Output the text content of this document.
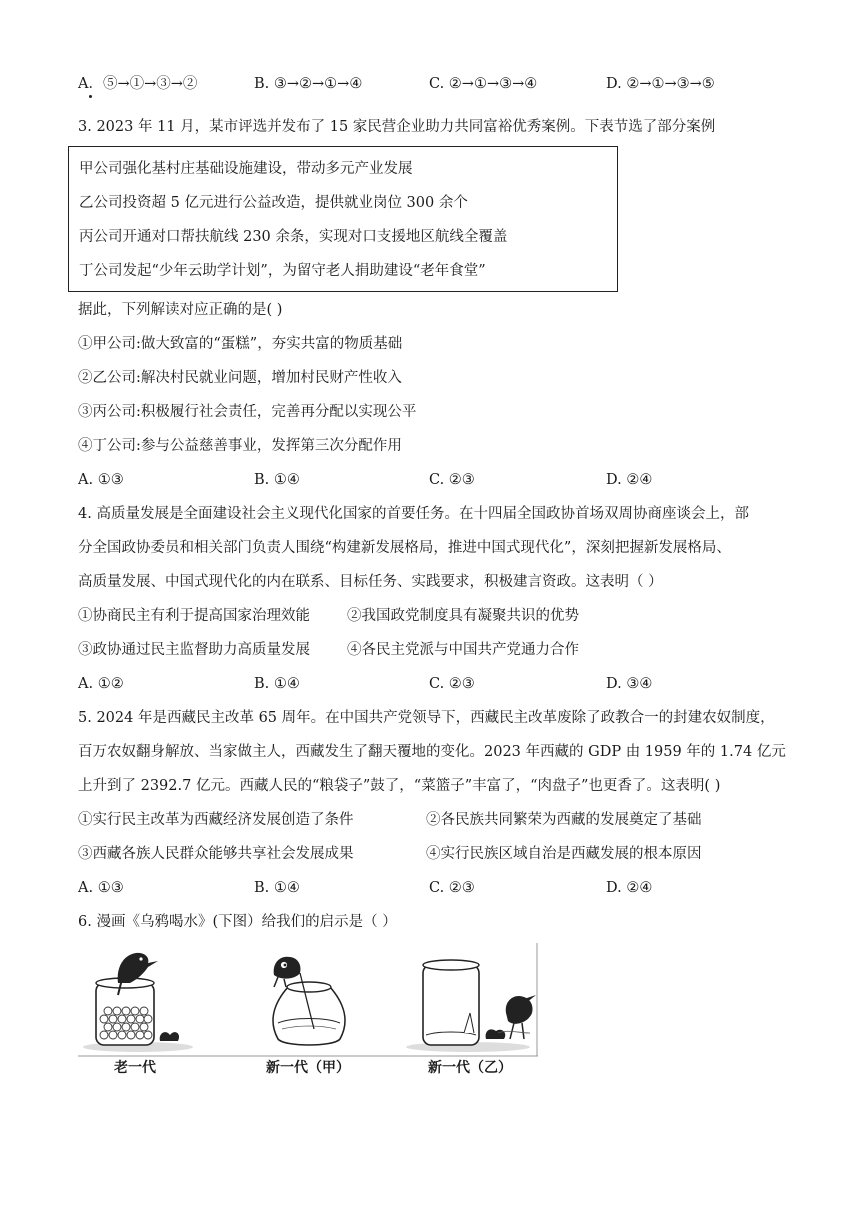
A．⑤→①→③→②	B. ③→②→①→④	C. ②→①→③→④	D. ②→①→③→⑤
3. 2023 年 11 月，某市评选并发布了 15 家民营企业助力共同富裕优秀案例。下表节选了部分案例
甲公司强化基村庄基础设施建设，带动多元产业发展
乙公司投资超 5 亿元进行公益改造，提供就业岗位 300 余个
丙公司开通对口帮扶航线 230 余条，实现对口支援地区航线全覆盖
丁公司发起“少年云助学计划”，为留守老人捐助建设“老年食堂”
据此，下列解读对应正确的是( )
①甲公司:做大致富的“蛋糕”，夯实共富的物质基础
②乙公司:解决村民就业问题，增加村民财产性收入
③丙公司:积极履行社会责任，完善再分配以实现公平
④丁公司:参与公益慈善事业，发挥第三次分配作用
A. ①③	B. ①④	C. ②③	D. ②④
4. 高质量发展是全面建设社会主义现代化国家的首要任务。在十四届全国政协首场双周协商座谈会上，部
分全国政协委员和相关部门负责人围绕“构建新发展格局，推进中国式现代化”，深刻把握新发展格局、
高质量发展、中国式现代化的内在联系、目标任务、实践要求，积极建言资政。这表明（ ）
①协商民主有利于提高国家治理效能	②我国政党制度具有凝聚共识的优势
③政协通过民主监督助力高质量发展	④各民主党派与中国共产党通力合作
A. ①②	B. ①④	C. ②③	D. ③④
5. 2024 年是西藏民主改革 65 周年。在中国共产党领导下，西藏民主改革废除了政教合一的封建农奴制度，
百万农奴翻身解放、当家做主人，西藏发生了翻天覆地的变化。2023 年西藏的 GDP 由 1959 年的 1.74 亿元
上升到了 2392.7 亿元。西藏人民的“粮袋子”鼓了，“菜篮子”丰富了，“肉盘子”也更香了。这表明( )
①实行民主改革为西藏经济发展创造了条件	②各民族共同繁荣为西藏的发展奠定了基础
③西藏各族人民群众能够共享社会发展成果	④实行民族区域自治是西藏发展的根本原因
A. ①③	B. ①④	C. ②③	D. ②④
6. 漫画《乌鸦喝水》(下图）给我们的启示是（ ）
老一代	新一代（甲）	新一代（乙）
